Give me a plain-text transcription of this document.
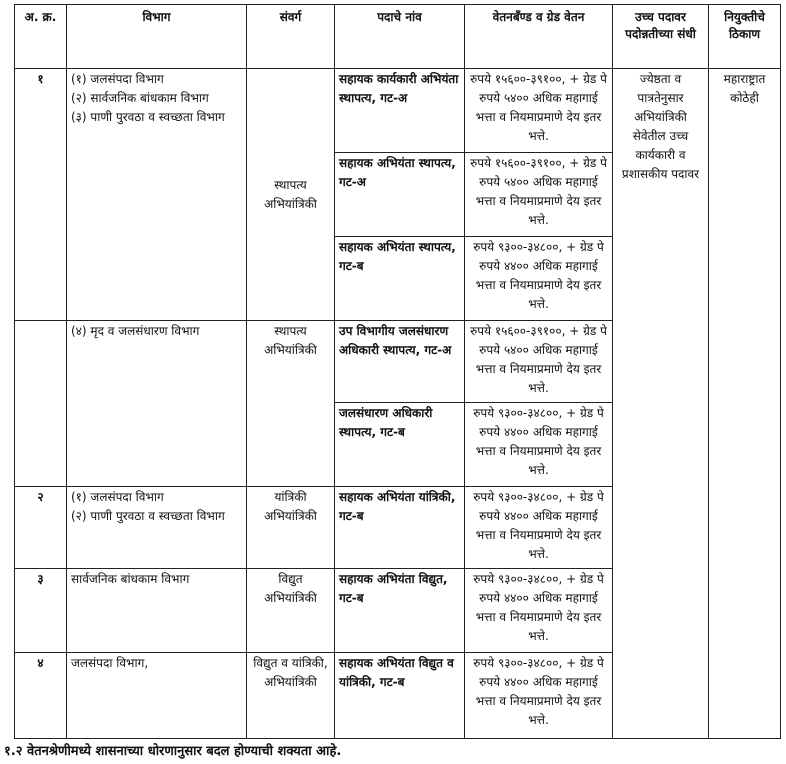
अ. क्र.	विभाग	संवर्ग	पदाचे नांव	वेतनबँण्ड व ग्रेड वेतन	उच्च पदावर पदोन्नतीच्या संधी	नियुक्तीचे ठिकाण
१	(१) जलसंपदा विभाग
(२) सार्वजनिक बांधकाम विभाग
(३) पाणी पुरवठा व स्वच्छता विभाग	स्थापत्य अभियांत्रिकी	सहायक कार्यकारी अभियंता स्थापत्य, गट-अ	रुपये १५६००-३९१००, + ग्रेड पे रुपये ५४०० अधिक महागाई भत्ता व नियमाप्रमाणे देय इतर भत्ते.	ज्येष्ठता व पात्रतेनुसार अभियांत्रिकी सेवेतील उच्च कार्यकारी व प्रशासकीय पदावर	महाराष्ट्रात कोठेही
			सहायक अभियंता स्थापत्य, गट-अ	रुपये १५६००-३९१००, + ग्रेड पे रुपये ५४०० अधिक महागाई भत्ता व नियमाप्रमाणे देय इतर भत्ते.		
			सहायक अभियंता स्थापत्य, गट-ब	रुपये ९३००-३४८००, + ग्रेड पे रुपये ४४०० अधिक महागाई भत्ता व नियमाप्रमाणे देय इतर भत्ते.		

	(४) मृद व जलसंधारण विभाग	स्थापत्य अभियांत्रिकी	उप विभागीय जलसंधारण अधिकारी स्थापत्य, गट-अ	रुपये १५६००-३९१००, + ग्रेड पे रुपये ५४०० अधिक महागाई भत्ता व नियमाप्रमाणे देय इतर भत्ते.		
			जलसंधारण अधिकारी स्थापत्य, गट-ब	रुपये ९३००-३४८००, + ग्रेड पे रुपये ४४०० अधिक महागाई भत्ता व नियमाप्रमाणे देय इतर भत्ते.		
२	(१) जलसंपदा विभाग
(२) पाणी पुरवठा व स्वच्छता विभाग	यांत्रिकी अभियांत्रिकी	सहायक अभियंता यांत्रिकी, गट-ब	रुपये ९३००-३४८००, + ग्रेड पे रुपये ४४०० अधिक महागाई भत्ता व नियमाप्रमाणे देय इतर भत्ते.		
३	सार्वजनिक बांधकाम विभाग	विद्युत अभियांत्रिकी	सहायक अभियंता विद्युत, गट-ब	रुपये ९३००-३४८००, + ग्रेड पे रुपये ४४०० अधिक महागाई भत्ता व नियमाप्रमाणे देय इतर भत्ते.		
४	जलसंपदा विभाग,	विद्युत व यांत्रिकी, अभियांत्रिकी	सहायक अभियंता विद्युत व यांत्रिकी, गट-ब	रुपये ९३००-३४८००, + ग्रेड पे रुपये ४४०० अधिक महागाई भत्ता व नियमाप्रमाणे देय इतर भत्ते.		
१.२ वेतनश्रेणीमध्ये शासनाच्या धोरणानुसार बदल होण्याची शक्यता आहे.
